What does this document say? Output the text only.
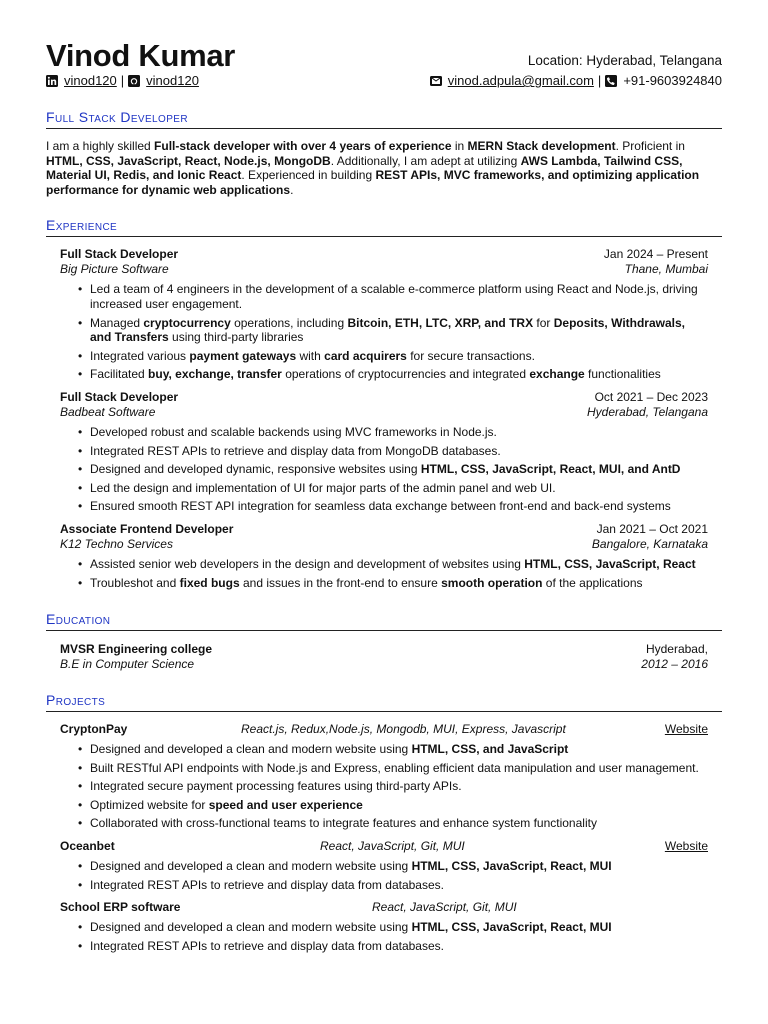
Vinod Kumar	Location: Hyderabad, Telangana
vinod120 | vinod120	vinod.adpula@gmail.com | +91-9603924840
Full Stack Developer
I am a highly skilled Full-stack developer with over 4 years of experience in MERN Stack development. Proficient in HTML, CSS, JavaScript, React, Node.js, MongoDB. Additionally, I am adept at utilizing AWS Lambda, Tailwind CSS, Material UI, Redis, and Ionic React. Experienced in building REST APIs, MVC frameworks, and optimizing application performance for dynamic web applications.
Experience
Full Stack Developer	Jan 2024 – Present
Big Picture Software	Thane, Mumbai
• Led a team of 4 engineers in the development of a scalable e-commerce platform using React and Node.js, driving increased user engagement.
• Managed cryptocurrency operations, including Bitcoin, ETH, LTC, XRP, and TRX for Deposits, Withdrawals, and Transfers using third-party libraries
• Integrated various payment gateways with card acquirers for secure transactions.
• Facilitated buy, exchange, transfer operations of cryptocurrencies and integrated exchange functionalities
Full Stack Developer	Oct 2021 – Dec 2023
Badbeat Software	Hyderabad, Telangana
• Developed robust and scalable backends using MVC frameworks in Node.js.
• Integrated REST APIs to retrieve and display data from MongoDB databases.
• Designed and developed dynamic, responsive websites using HTML, CSS, JavaScript, React, MUI, and AntD
• Led the design and implementation of UI for major parts of the admin panel and web UI.
• Ensured smooth REST API integration for seamless data exchange between front-end and back-end systems
Associate Frontend Developer	Jan 2021 – Oct 2021
K12 Techno Services	Bangalore, Karnataka
• Assisted senior web developers in the design and development of websites using HTML, CSS, JavaScript, React
• Troubleshot and fixed bugs and issues in the front-end to ensure smooth operation of the applications
Education
MVSR Engineering college	Hyderabad,
B.E in Computer Science	2012 – 2016
Projects
CryptonPay	React.js, Redux,Node.js, Mongodb, MUI, Express, Javascript	Website
• Designed and developed a clean and modern website using HTML, CSS, and JavaScript
• Built RESTful API endpoints with Node.js and Express, enabling efficient data manipulation and user management.
• Integrated secure payment processing features using third-party APIs.
• Optimized website for speed and user experience
• Collaborated with cross-functional teams to integrate features and enhance system functionality
Oceanbet	React, JavaScript, Git, MUI	Website
• Designed and developed a clean and modern website using HTML, CSS, JavaScript, React, MUI
• Integrated REST APIs to retrieve and display data from databases.
School ERP software	React, JavaScript, Git, MUI
• Designed and developed a clean and modern website using HTML, CSS, JavaScript, React, MUI
• Integrated REST APIs to retrieve and display data from databases.
